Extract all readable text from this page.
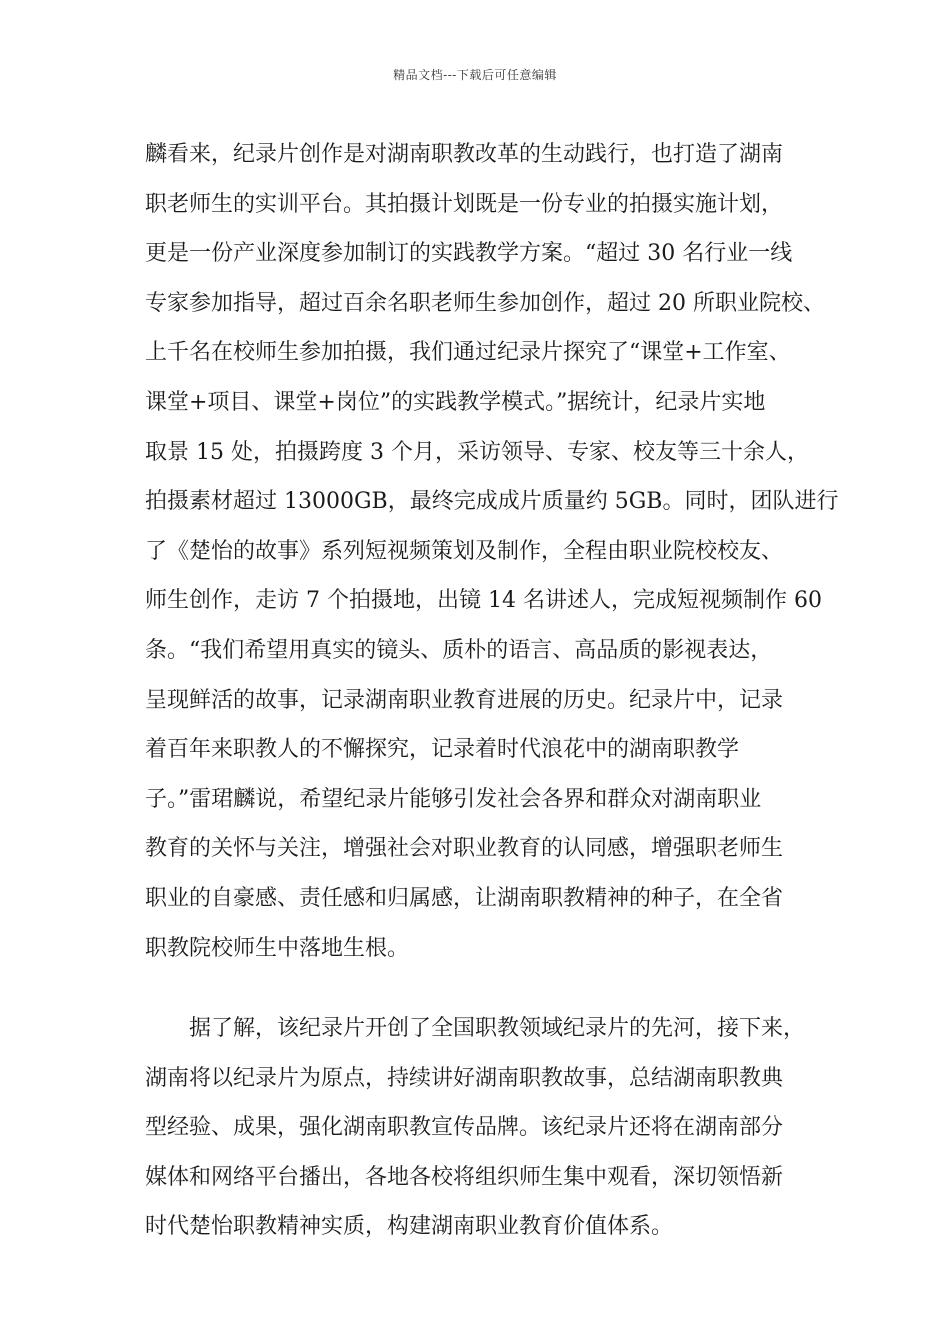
精品文档---下载后可任意编辑
麟看来，纪录片创作是对湖南职教改革的生动践行，也打造了湖南
职老师生的实训平台。其拍摄计划既是一份专业的拍摄实施计划，
更是一份产业深度参加制订的实践教学方案。“超过 30 名行业一线
专家参加指导，超过百余名职老师生参加创作，超过 20 所职业院校、
上千名在校师生参加拍摄，我们通过纪录片探究了“课堂+工作室、
课堂+项目、课堂+岗位”的实践教学模式。”据统计，纪录片实地
取景 15 处，拍摄跨度 3 个月，采访领导、专家、校友等三十余人，
拍摄素材超过 13000GB，最终完成成片质量约 5GB。同时，团队进行
了《楚怡的故事》系列短视频策划及制作，全程由职业院校校友、
师生创作，走访 7 个拍摄地，出镜 14 名讲述人，完成短视频制作 60
条。“我们希望用真实的镜头、质朴的语言、高品质的影视表达，
呈现鲜活的故事，记录湖南职业教育进展的历史。纪录片中，记录
着百年来职教人的不懈探究，记录着时代浪花中的湖南职教学
子。”雷珺麟说，希望纪录片能够引发社会各界和群众对湖南职业
教育的关怀与关注，增强社会对职业教育的认同感，增强职老师生
职业的自豪感、责任感和归属感，让湖南职教精神的种子，在全省
职教院校师生中落地生根。
　　据了解，该纪录片开创了全国职教领域纪录片的先河，接下来，
湖南将以纪录片为原点，持续讲好湖南职教故事，总结湖南职教典
型经验、成果，强化湖南职教宣传品牌。该纪录片还将在湖南部分
媒体和网络平台播出，各地各校将组织师生集中观看，深切领悟新
时代楚怡职教精神实质，构建湖南职业教育价值体系。
